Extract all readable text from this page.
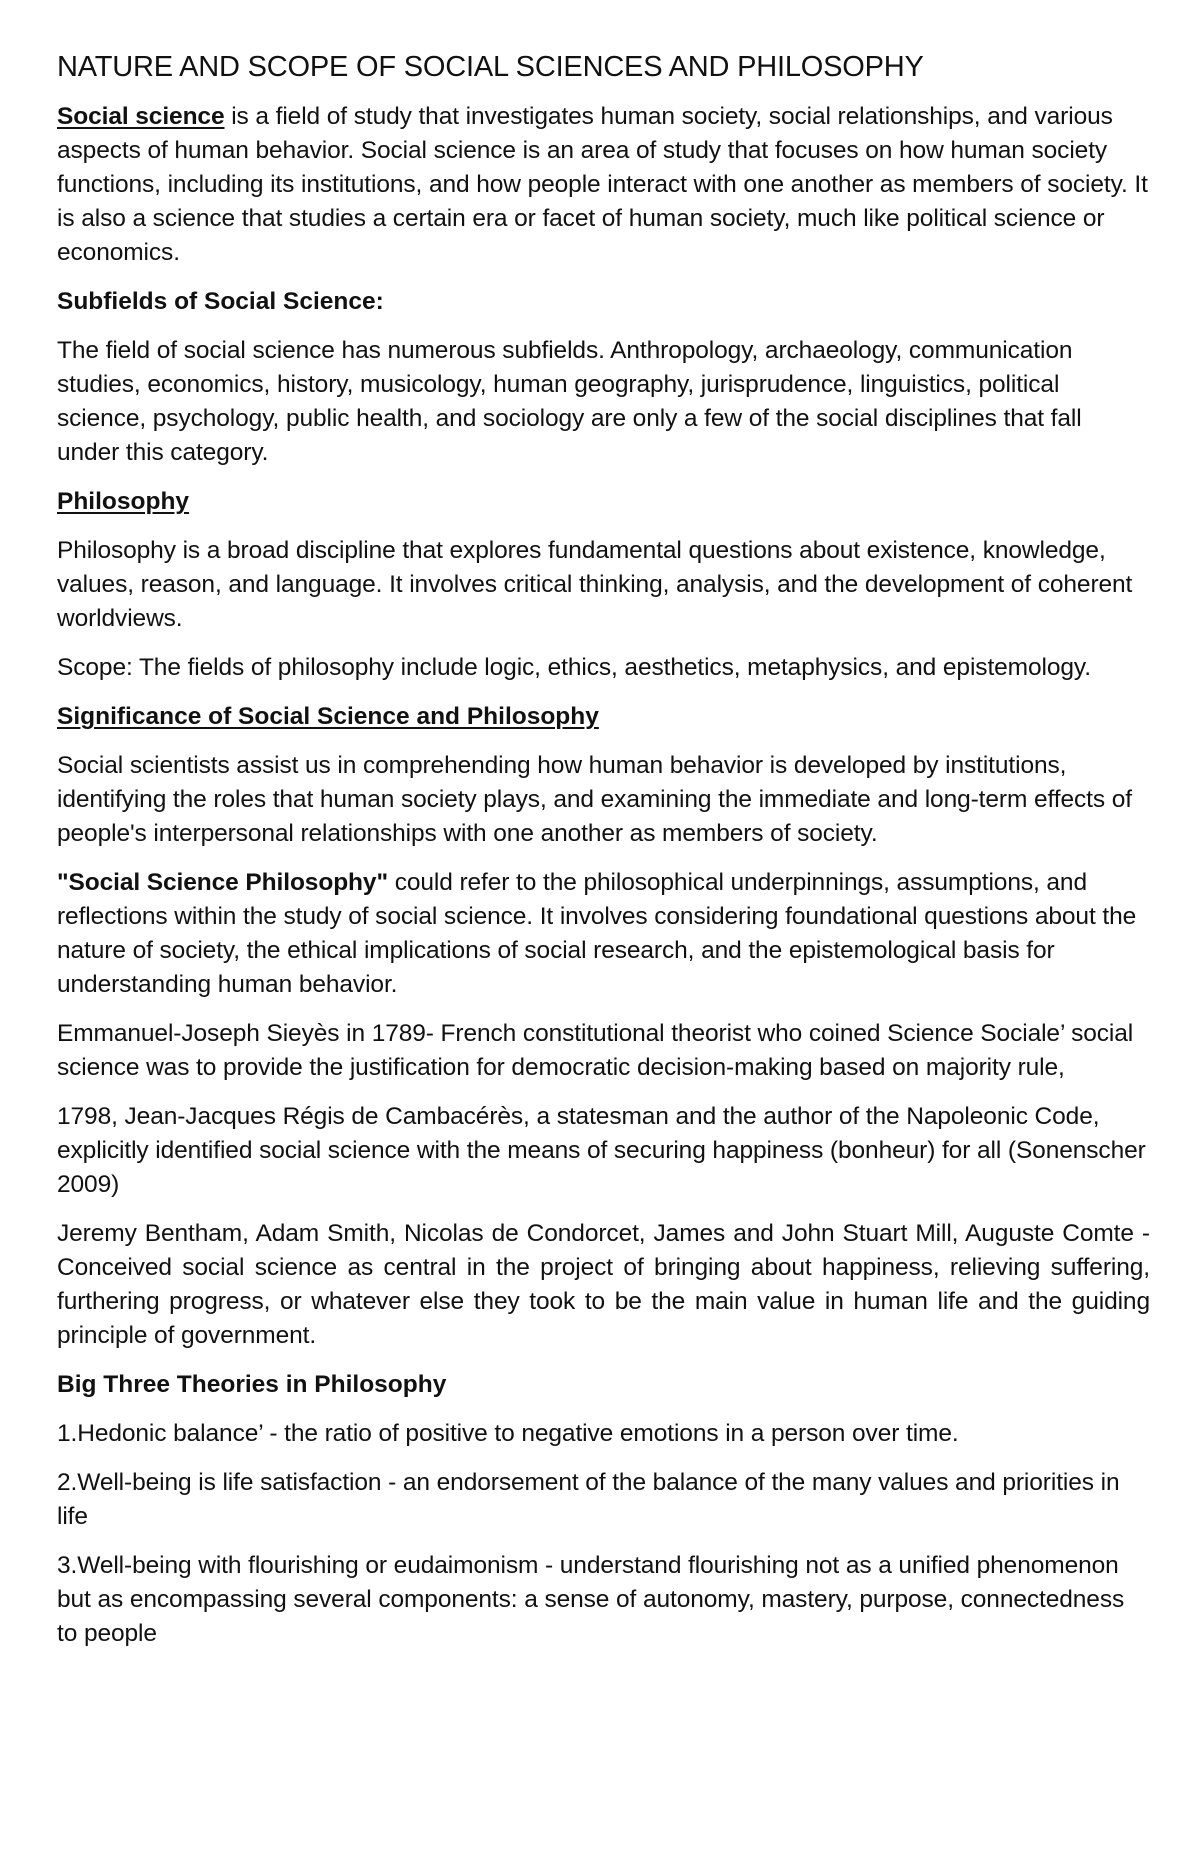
NATURE AND SCOPE OF SOCIAL SCIENCES AND PHILOSOPHY

Social science is a field of study that investigates human society, social relationships, and various aspects of human behavior. Social science is an area of study that focuses on how human society functions, including its institutions, and how people interact with one another as members of society. It is also a science that studies a certain era or facet of human society, much like political science or economics.

Subfields of Social Science:

The field of social science has numerous subfields. Anthropology, archaeology, communication studies, economics, history, musicology, human geography, jurisprudence, linguistics, political science, psychology, public health, and sociology are only a few of the social disciplines that fall under this category.

Philosophy

Philosophy is a broad discipline that explores fundamental questions about existence, knowledge, values, reason, and language. It involves critical thinking, analysis, and the development of coherent worldviews.

Scope: The fields of philosophy include logic, ethics, aesthetics, metaphysics, and epistemology.

Significance of Social Science and Philosophy

Social scientists assist us in comprehending how human behavior is developed by institutions, identifying the roles that human society plays, and examining the immediate and long-term effects of people's interpersonal relationships with one another as members of society.

"Social Science Philosophy" could refer to the philosophical underpinnings, assumptions, and reflections within the study of social science. It involves considering foundational questions about the nature of society, the ethical implications of social research, and the epistemological basis for understanding human behavior.

Emmanuel-Joseph Sieyès in 1789- French constitutional theorist who coined Science Sociale’ social science was to provide the justification for democratic decision-making based on majority rule,

1798, Jean-Jacques Régis de Cambacérès, a statesman and the author of the Napoleonic Code, explicitly identified social science with the means of securing happiness (bonheur) for all (Sonenscher 2009)

Jeremy Bentham, Adam Smith, Nicolas de Condorcet, James and John Stuart Mill, Auguste Comte -Conceived social science as central in the project of bringing about happiness, relieving suffering, furthering progress, or whatever else they took to be the main value in human life and the guiding principle of government.

Big Three Theories in Philosophy

1.Hedonic balance’ - the ratio of positive to negative emotions in a person over time.

2.Well-being is life satisfaction - an endorsement of the balance of the many values and priorities in life

3.Well-being with flourishing or eudaimonism - understand flourishing not as a unified phenomenon but as encompassing several components: a sense of autonomy, mastery, purpose, connectedness to people
